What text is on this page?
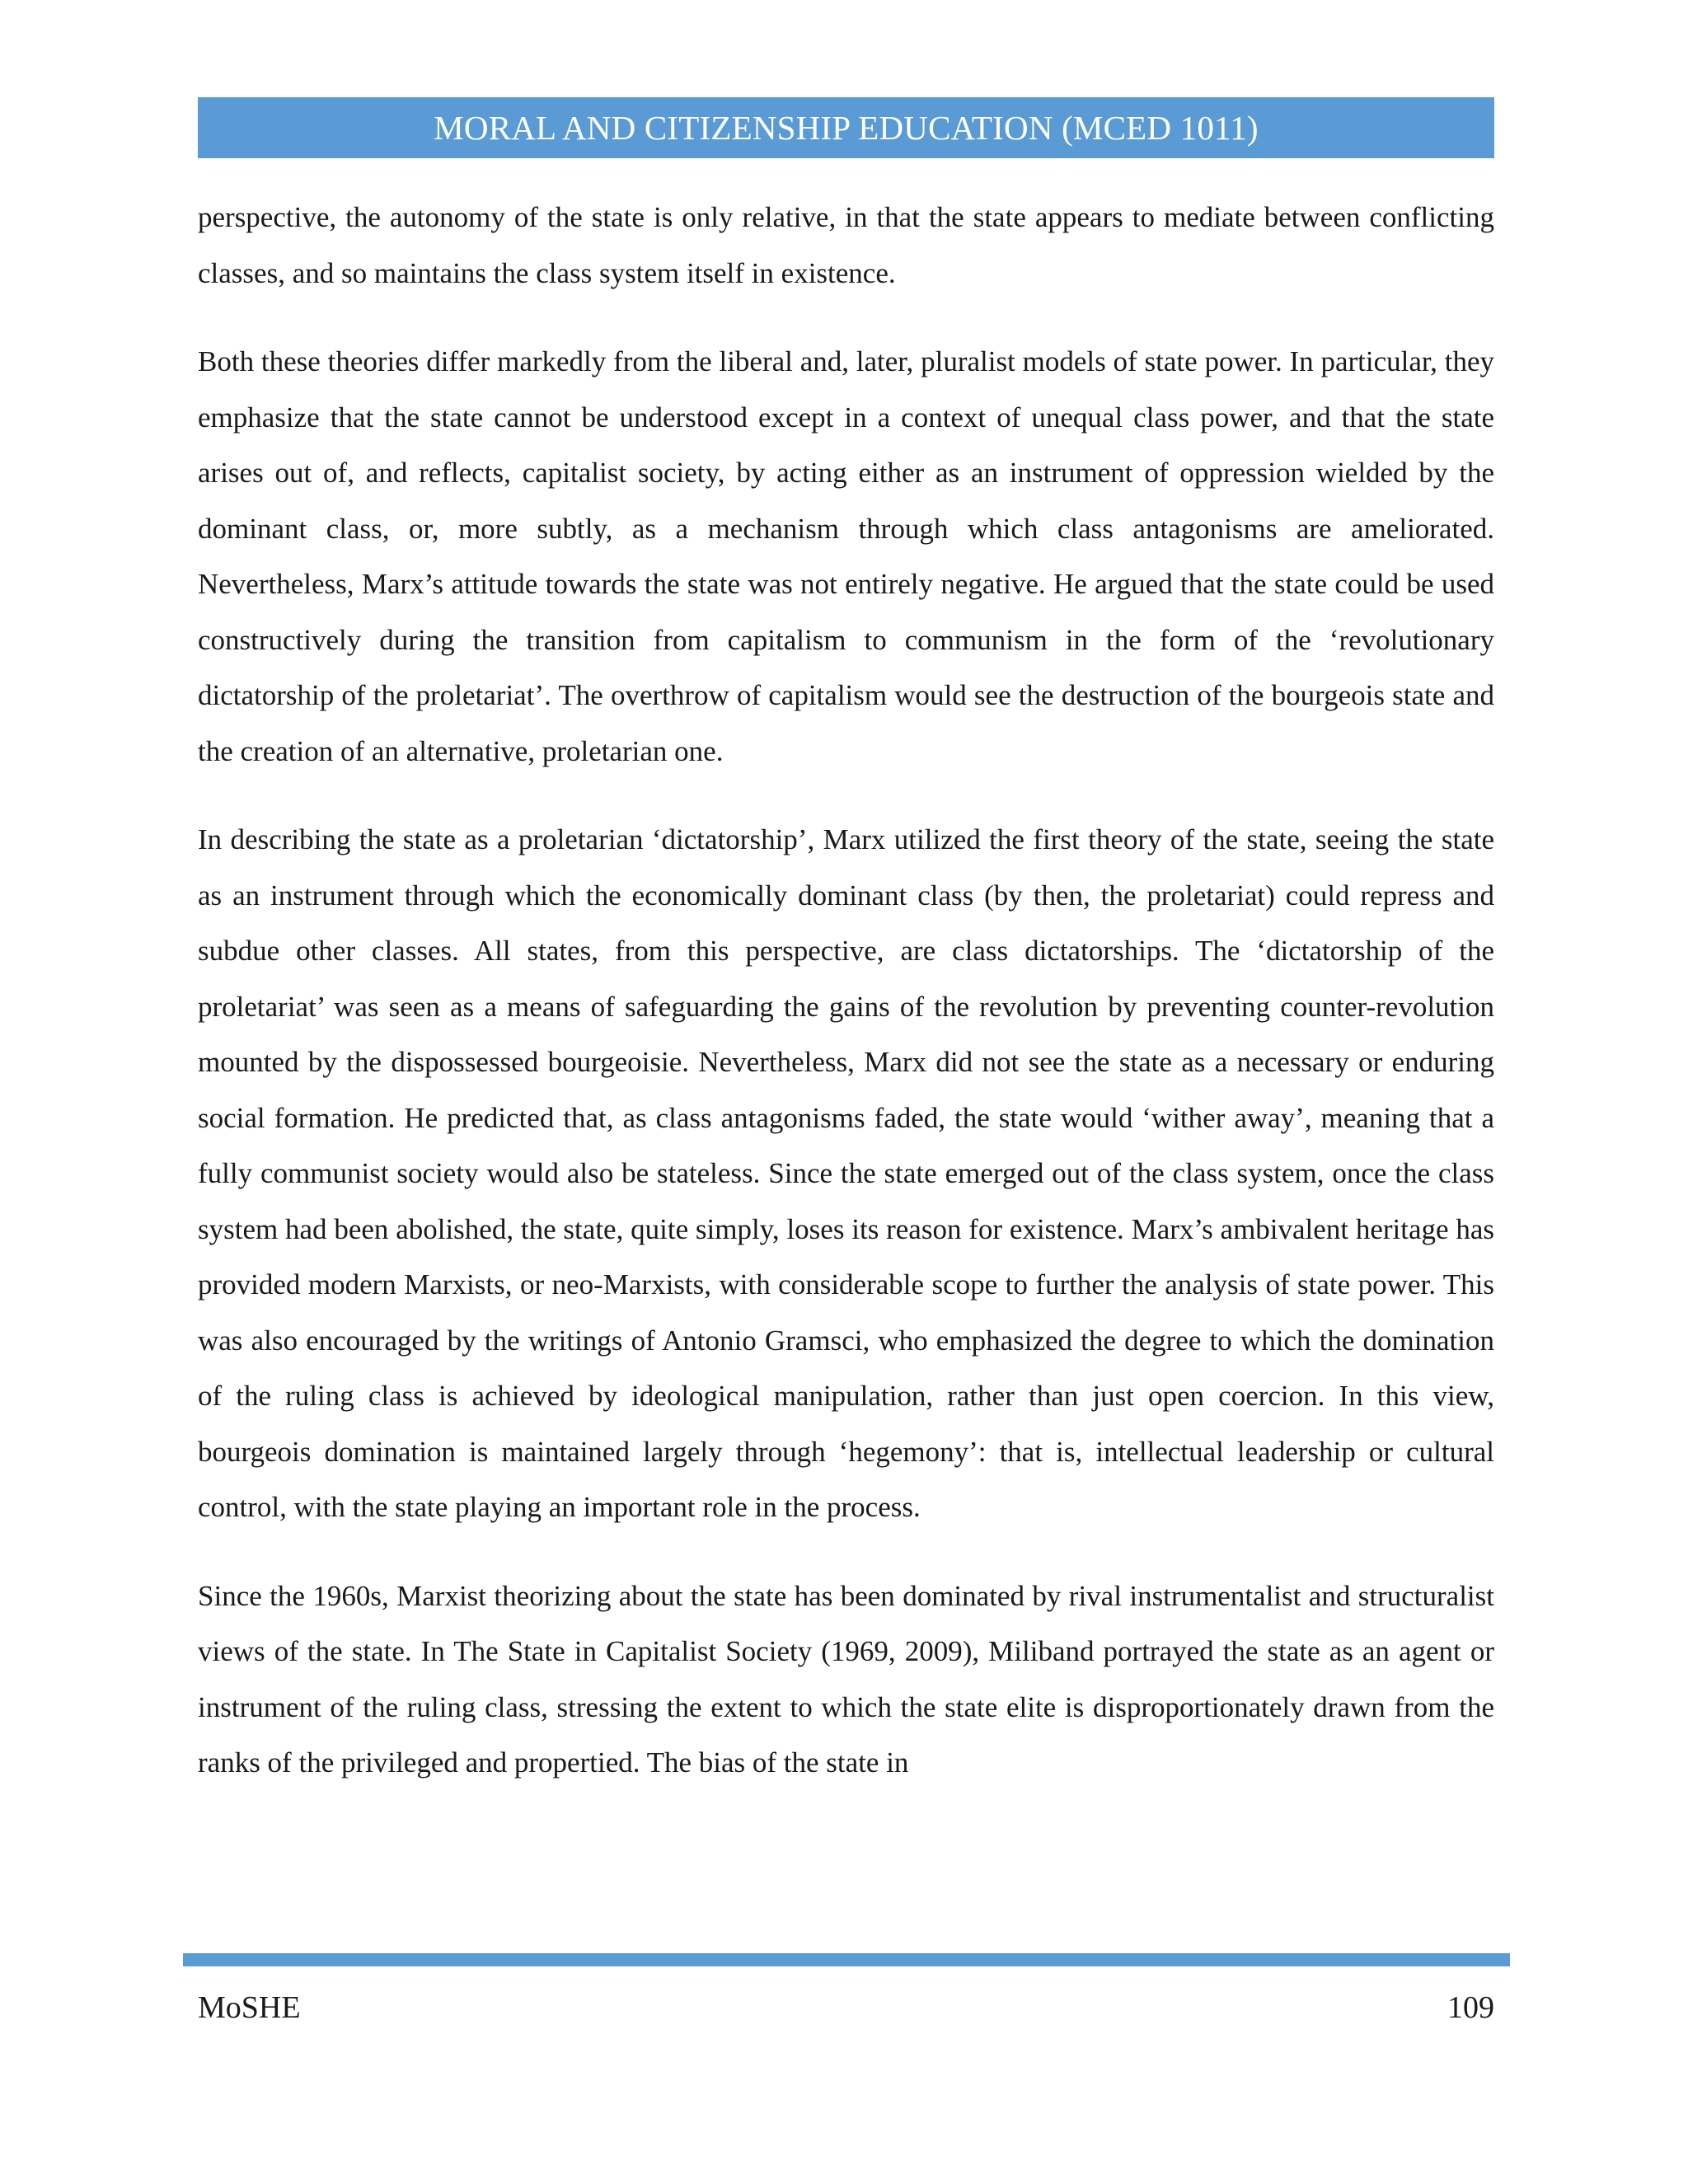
MORAL AND CITIZENSHIP EDUCATION (MCED 1011)

perspective, the autonomy of the state is only relative, in that the state appears to mediate between conflicting classes, and so maintains the class system itself in existence.

Both these theories differ markedly from the liberal and, later, pluralist models of state power. In particular, they emphasize that the state cannot be understood except in a context of unequal class power, and that the state arises out of, and reflects, capitalist society, by acting either as an instrument of oppression wielded by the dominant class, or, more subtly, as a mechanism through which class antagonisms are ameliorated. Nevertheless, Marx’s attitude towards the state was not entirely negative. He argued that the state could be used constructively during the transition from capitalism to communism in the form of the ‘revolutionary dictatorship of the proletariat’. The overthrow of capitalism would see the destruction of the bourgeois state and the creation of an alternative, proletarian one.

In describing the state as a proletarian ‘dictatorship’, Marx utilized the first theory of the state, seeing the state as an instrument through which the economically dominant class (by then, the proletariat) could repress and subdue other classes. All states, from this perspective, are class dictatorships. The ‘dictatorship of the proletariat’ was seen as a means of safeguarding the gains of the revolution by preventing counter-revolution mounted by the dispossessed bourgeoisie. Nevertheless, Marx did not see the state as a necessary or enduring social formation. He predicted that, as class antagonisms faded, the state would ‘wither away’, meaning that a fully communist society would also be stateless. Since the state emerged out of the class system, once the class system had been abolished, the state, quite simply, loses its reason for existence. Marx’s ambivalent heritage has provided modern Marxists, or neo-Marxists, with considerable scope to further the analysis of state power. This was also encouraged by the writings of Antonio Gramsci, who emphasized the degree to which the domination of the ruling class is achieved by ideological manipulation, rather than just open coercion. In this view, bourgeois domination is maintained largely through ‘hegemony’: that is, intellectual leadership or cultural control, with the state playing an important role in the process.

Since the 1960s, Marxist theorizing about the state has been dominated by rival instrumentalist and structuralist views of the state. In The State in Capitalist Society (1969, 2009), Miliband portrayed the state as an agent or instrument of the ruling class, stressing the extent to which the state elite is disproportionately drawn from the ranks of the privileged and propertied. The bias of the state in

MoSHE	109
